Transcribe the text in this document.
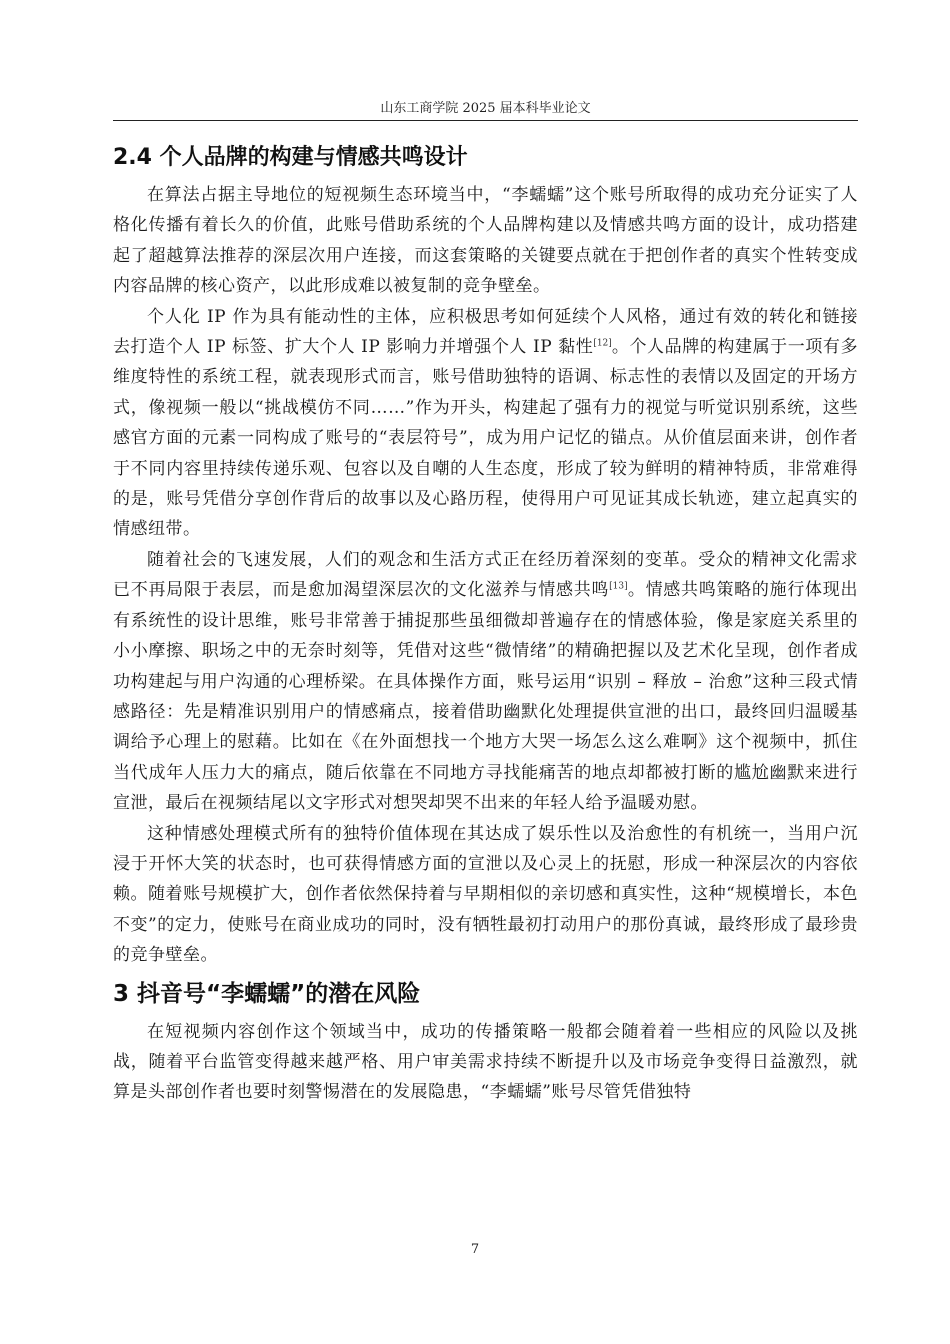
山东工商学院 2025 届本科毕业论文
2.4 个人品牌的构建与情感共鸣设计

在算法占据主导地位的短视频生态环境当中，“李蠕蠕”这个账号所取得的成功充分证实了人格化传播有着长久的价值，此账号借助系统的个人品牌构建以及情感共鸣方面的设计，成功搭建起了超越算法推荐的深层次用户连接，而这套策略的关键要点就在于把创作者的真实个性转变成内容品牌的核心资产，以此形成难以被复制的竞争壁垒。

个人化 IP 作为具有能动性的主体，应积极思考如何延续个人风格，通过有效的转化和链接去打造个人 IP 标签、扩大个人 IP 影响力并增强个人 IP 黏性[12]。个人品牌的构建属于一项有多维度特性的系统工程，就表现形式而言，账号借助独特的语调、标志性的表情以及固定的开场方式，像视频一般以“挑战模仿不同……”作为开头，构建起了强有力的视觉与听觉识别系统，这些感官方面的元素一同构成了账号的“表层符号”，成为用户记忆的锚点。从价值层面来讲，创作者于不同内容里持续传递乐观、包容以及自嘲的人生态度，形成了较为鲜明的精神特质，非常难得的是，账号凭借分享创作背后的故事以及心路历程，使得用户可见证其成长轨迹，建立起真实的情感纽带。

随着社会的飞速发展，人们的观念和生活方式正在经历着深刻的变革。受众的精神文化需求已不再局限于表层，而是愈加渴望深层次的文化滋养与情感共鸣[13]。情感共鸣策略的施行体现出有系统性的设计思维，账号非常善于捕捉那些虽细微却普遍存在的情感体验，像是家庭关系里的小小摩擦、职场之中的无奈时刻等，凭借对这些“微情绪”的精确把握以及艺术化呈现，创作者成功构建起与用户沟通的心理桥梁。在具体操作方面，账号运用“识别 – 释放 – 治愈”这种三段式情感路径：先是精准识别用户的情感痛点，接着借助幽默化处理提供宣泄的出口，最终回归温暖基调给予心理上的慰藉。比如在《在外面想找一个地方大哭一场怎么这么难啊》这个视频中，抓住当代成年人压力大的痛点，随后依靠在不同地方寻找能痛苦的地点却都被打断的尴尬幽默来进行宣泄，最后在视频结尾以文字形式对想哭却哭不出来的年轻人给予温暖劝慰。

这种情感处理模式所有的独特价值体现在其达成了娱乐性以及治愈性的有机统一，当用户沉浸于开怀大笑的状态时，也可获得情感方面的宣泄以及心灵上的抚慰，形成一种深层次的内容依赖。随着账号规模扩大，创作者依然保持着与早期相似的亲切感和真实性，这种“规模增长，本色不变”的定力，使账号在商业成功的同时，没有牺牲最初打动用户的那份真诚，最终形成了最珍贵的竞争壁垒。

3 抖音号“李蠕蠕”的潜在风险

在短视频内容创作这个领域当中，成功的传播策略一般都会随着着一些相应的风险以及挑战，随着平台监管变得越来越严格、用户审美需求持续不断提升以及市场竞争变得日益激烈，就算是头部创作者也要时刻警惕潜在的发展隐患，“李蠕蠕”账号尽管凭借独特

7
